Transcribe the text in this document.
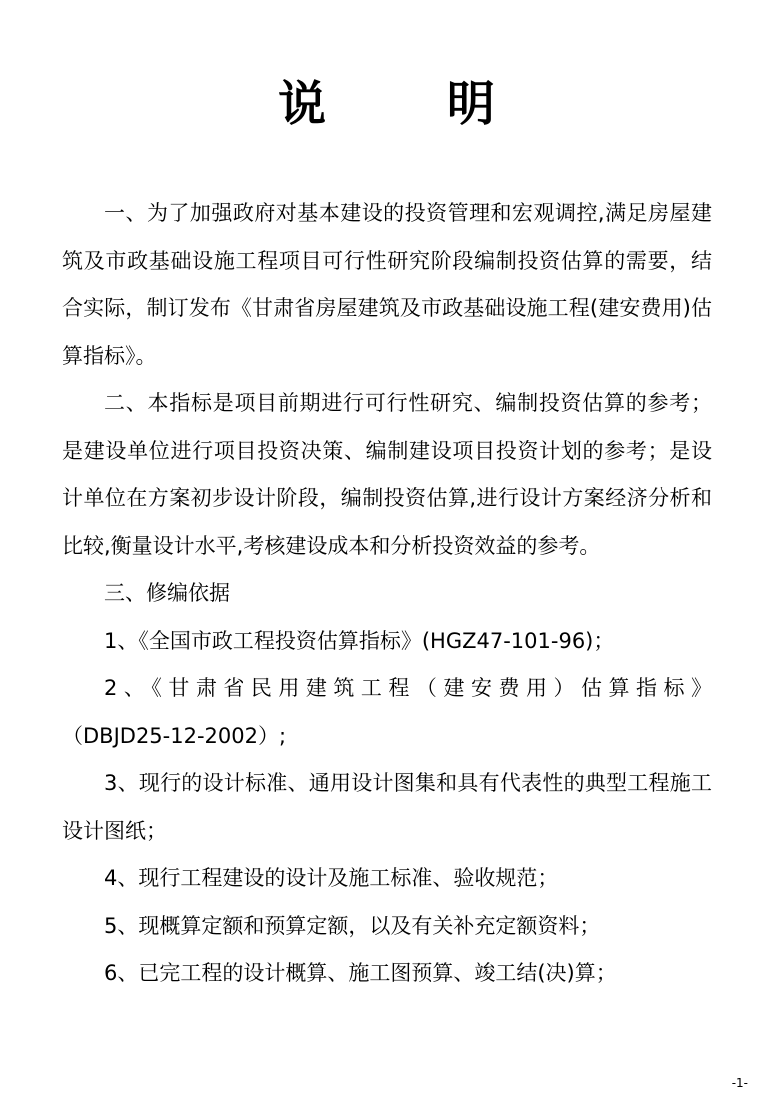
说 明

一、为了加强政府对基本建设的投资管理和宏观调控,满足房屋建筑及市政基础设施工程项目可行性研究阶段编制投资估算的需要，结合实际，制订发布《甘肃省房屋建筑及市政基础设施工程(建安费用)估算指标》。

二、本指标是项目前期进行可行性研究、编制投资估算的参考；是建设单位进行项目投资决策、编制建设项目投资计划的参考；是设计单位在方案初步设计阶段，编制投资估算,进行设计方案经济分析和比较,衡量设计水平,考核建设成本和分析投资效益的参考。

三、修编依据

1、《全国市政工程投资估算指标》(HGZ47-101-96)；

2、《甘肃省民用建筑工程（建安费用）估算指标》

（DBJD25-12-2002）;

3、现行的设计标准、通用设计图集和具有代表性的典型工程施工设计图纸；

4、现行工程建设的设计及施工标准、验收规范；

5、现概算定额和预算定额，以及有关补充定额资料；

6、已完工程的设计概算、施工图预算、竣工结(决)算；

-1-
